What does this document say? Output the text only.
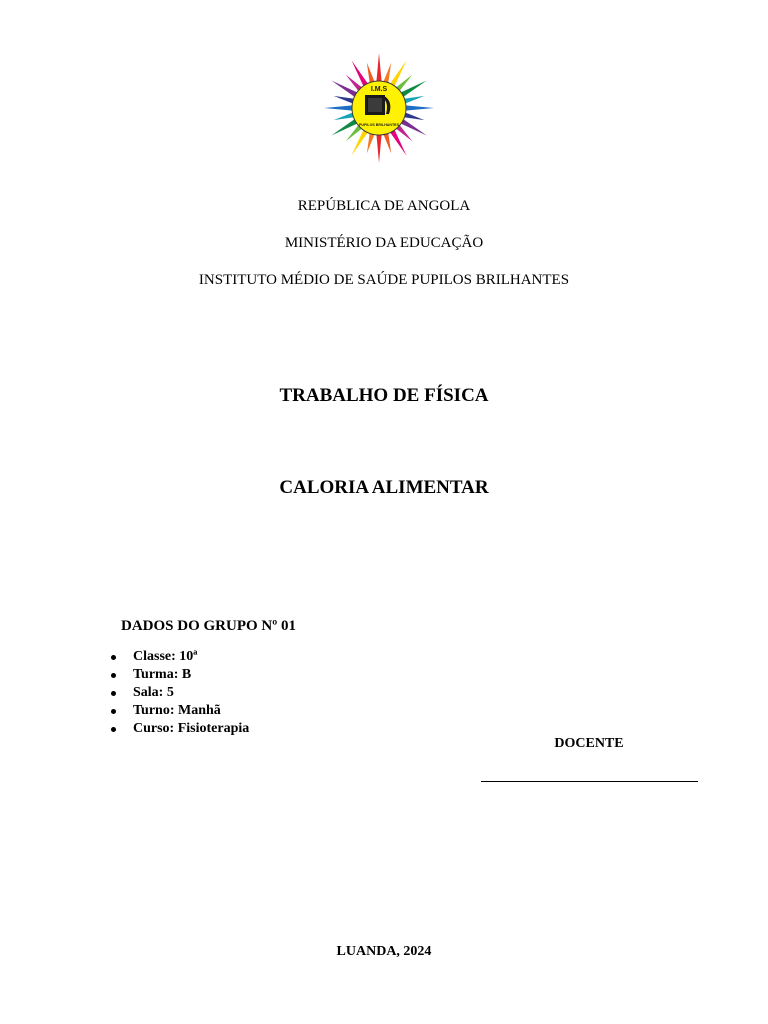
I.M.S
PUPILOS BRILHANTES
REPÚBLICA DE ANGOLA
MINISTÉRIO DA EDUCAÇÃO
INSTITUTO MÉDIO DE SAÚDE PUPILOS BRILHANTES
TRABALHO DE FÍSICA
CALORIA ALIMENTAR
DADOS DO GRUPO Nº 01
Classe: 10ª
Turma: B
Sala: 5
Turno: Manhã
Curso: Fisioterapia
DOCENTE
LUANDA, 2024
